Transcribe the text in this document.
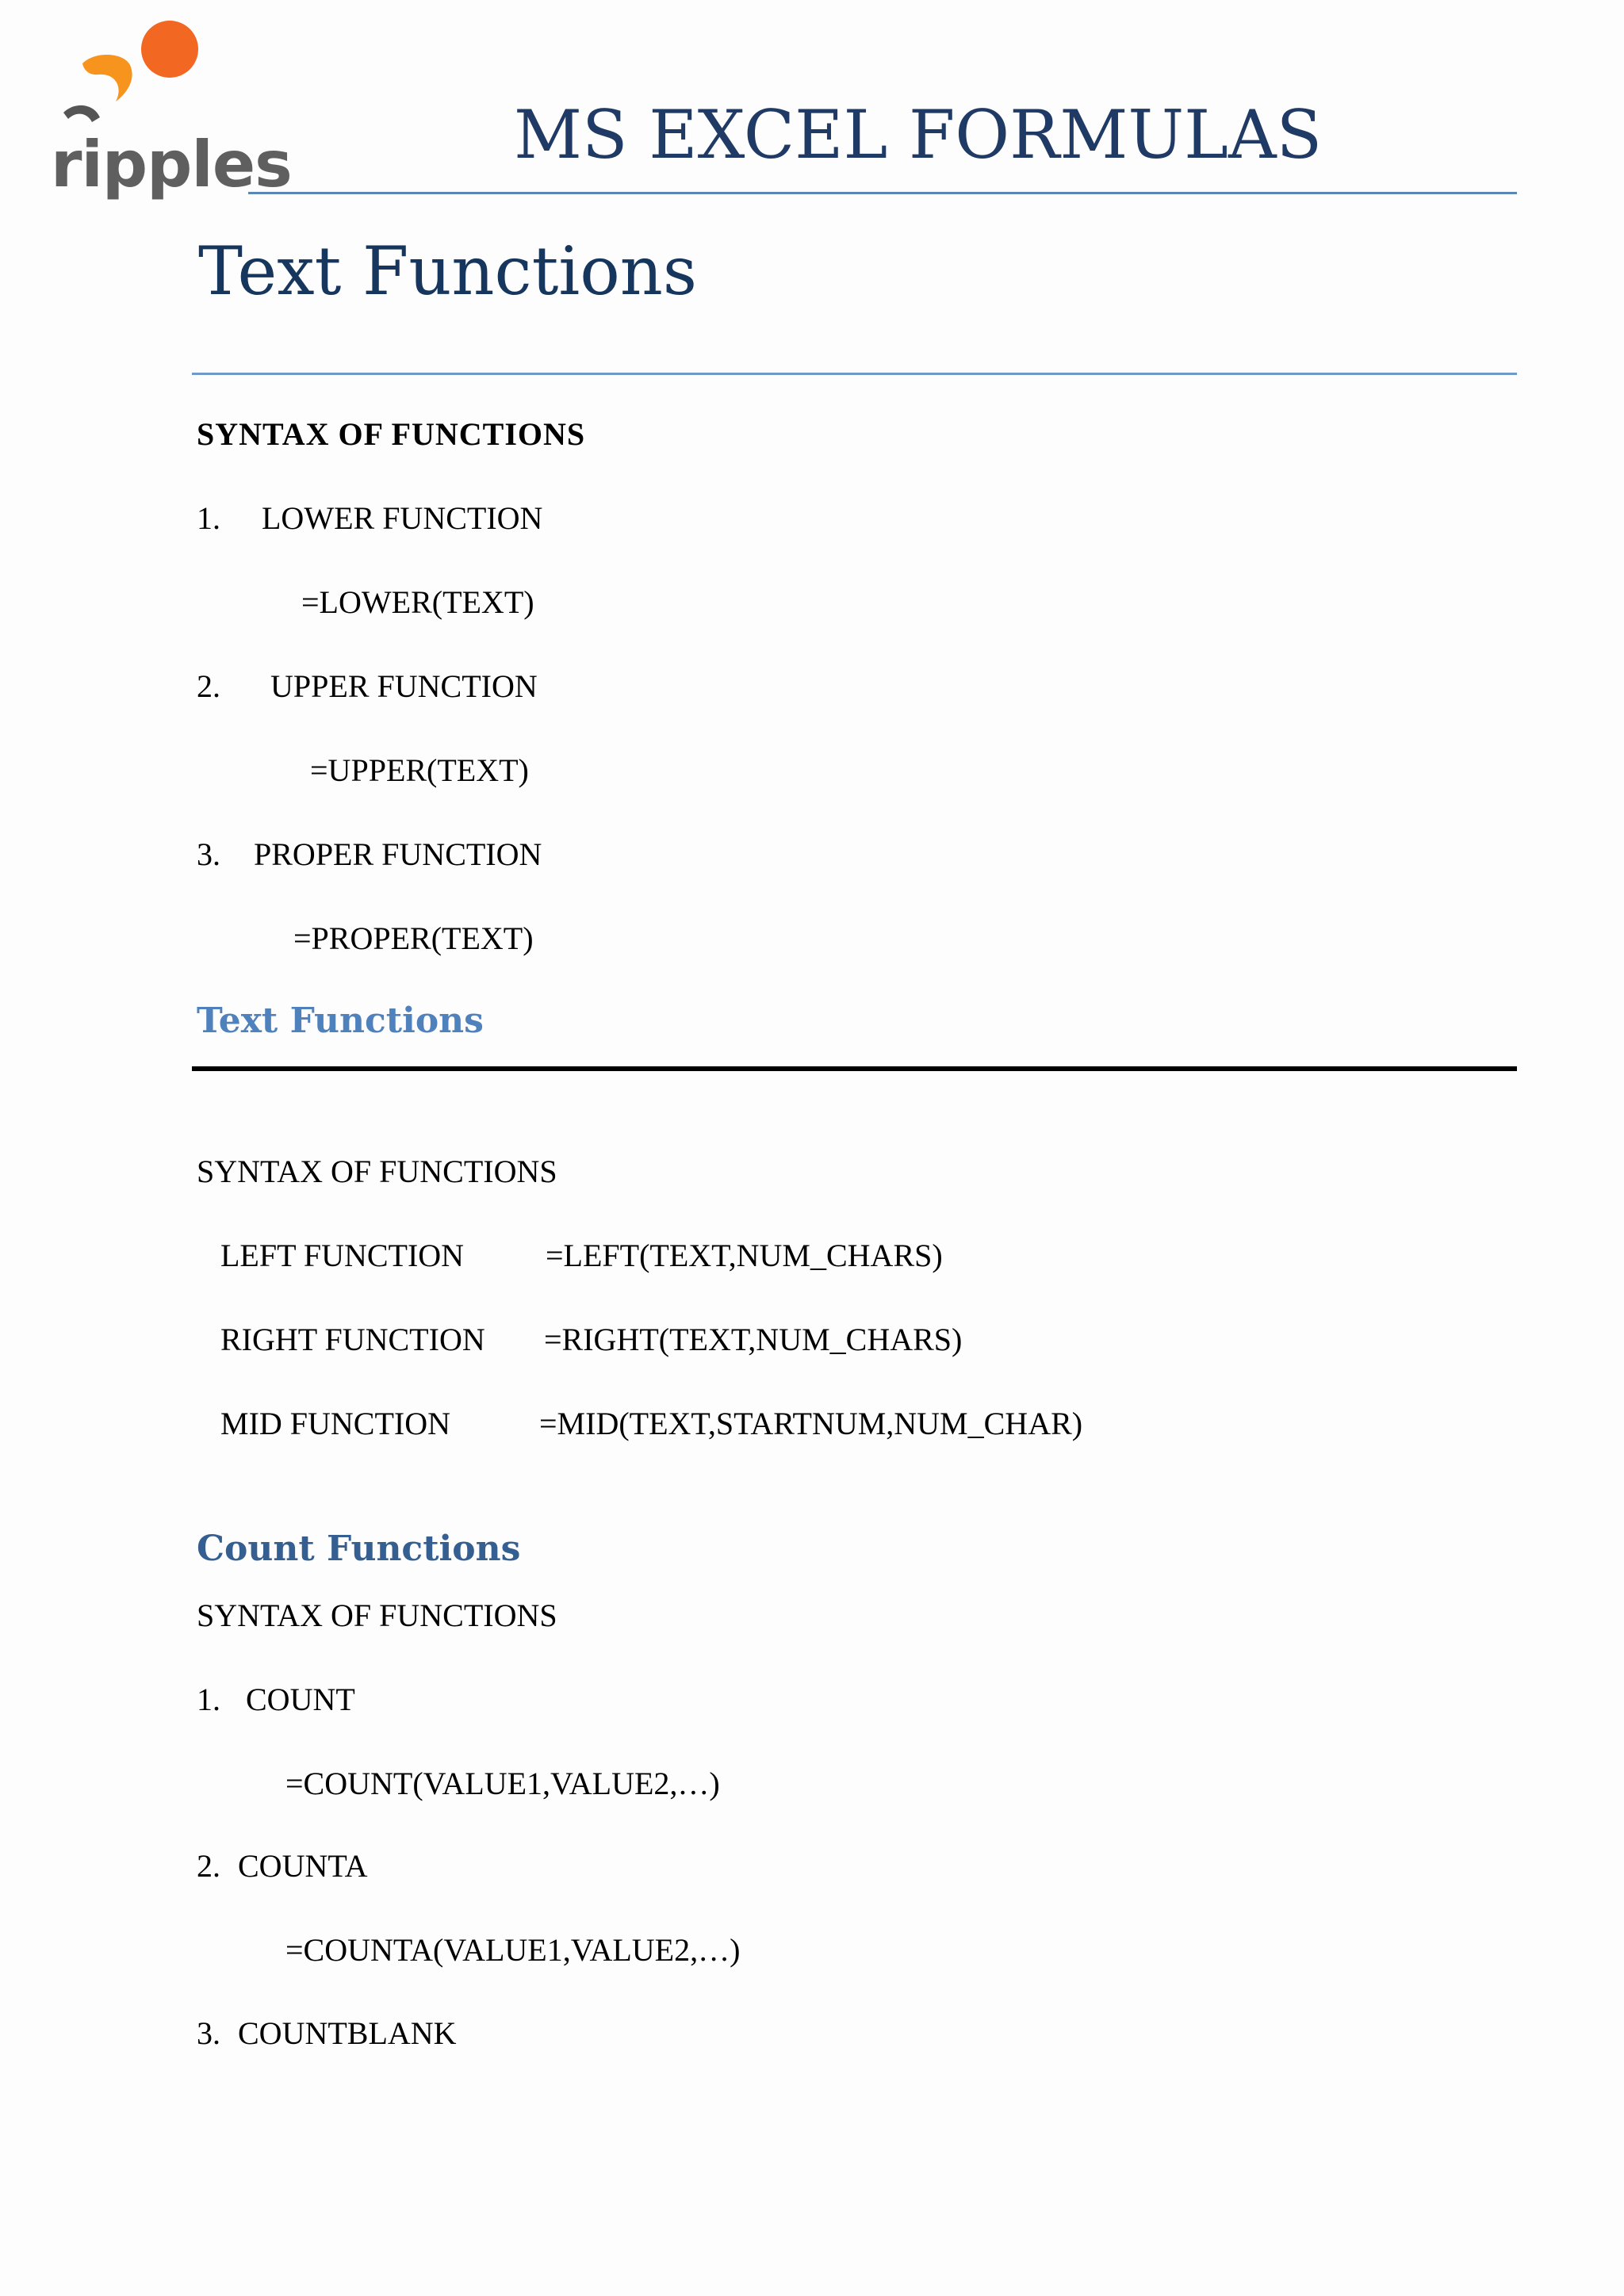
ripples	MS EXCEL FORMULAS
Text Functions
SYNTAX OF FUNCTIONS
1. LOWER FUNCTION
=LOWER(TEXT)
2. UPPER FUNCTION
=UPPER(TEXT)
3. PROPER FUNCTION
=PROPER(TEXT)
Text Functions
SYNTAX OF FUNCTIONS
LEFT FUNCTION	=LEFT(TEXT,NUM_CHARS)
RIGHT FUNCTION =RIGHT(TEXT,NUM_CHARS)
MID FUNCTION	=MID(TEXT,STARTNUM,NUM_CHAR)
Count Functions
SYNTAX OF FUNCTIONS
1. COUNT
=COUNT(VALUE1,VALUE2,…)
2. COUNTA
=COUNTA(VALUE1,VALUE2,…)
3. COUNTBLANK
